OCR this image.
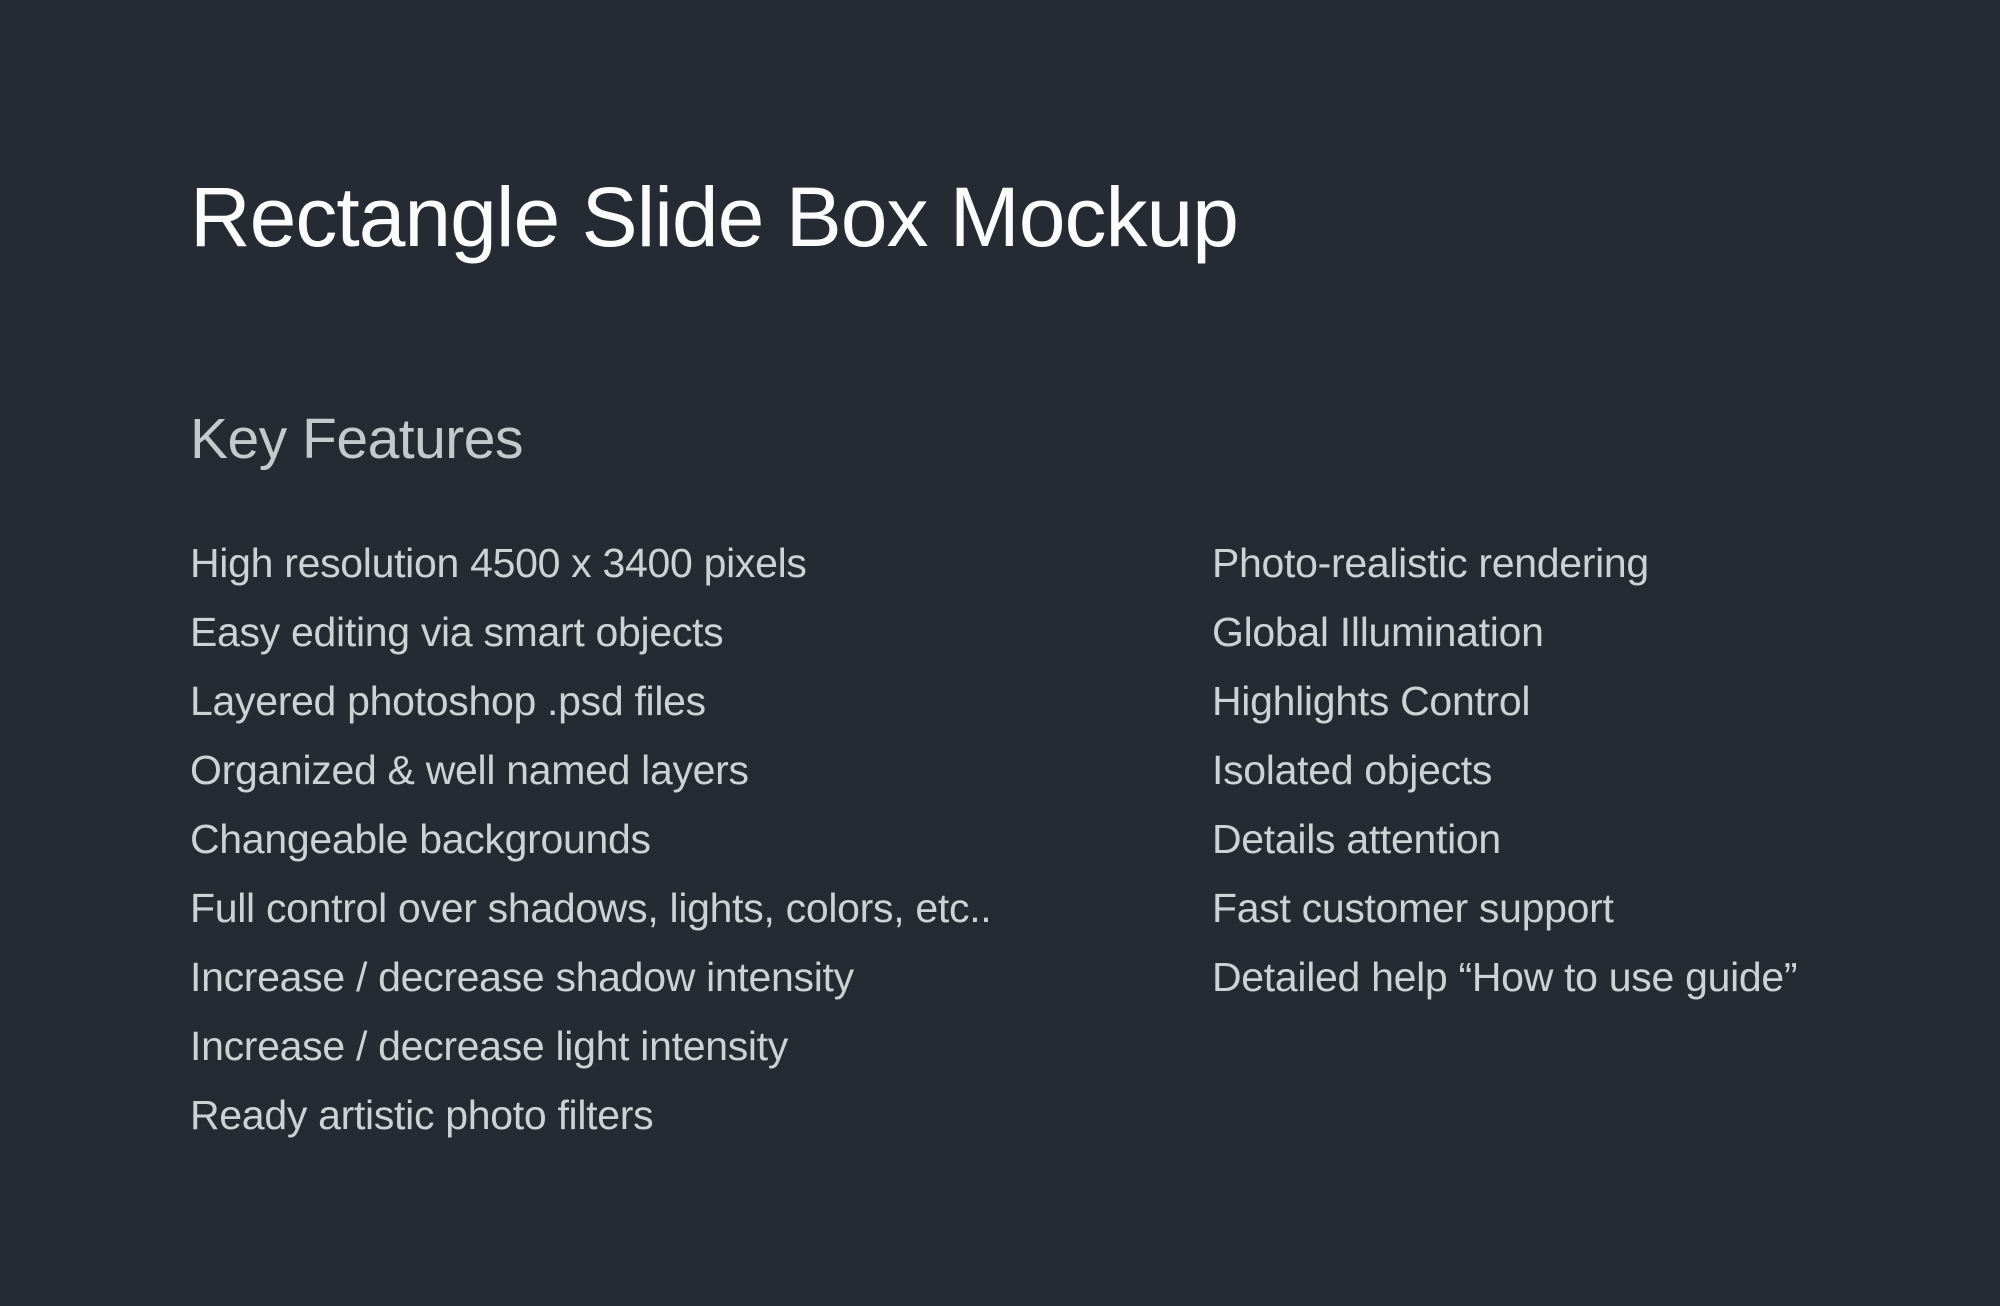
Rectangle Slide Box Mockup
Key Features
High resolution 4500 x 3400 pixels
Easy editing via smart objects
Layered photoshop .psd files
Organized & well named layers
Changeable backgrounds
Full control over shadows, lights, colors, etc..
Increase / decrease shadow intensity
Increase / decrease light intensity
Ready artistic photo filters
Photo-realistic rendering
Global Illumination
Highlights Control
Isolated objects
Details attention
Fast customer support
Detailed help “How to use guide”
